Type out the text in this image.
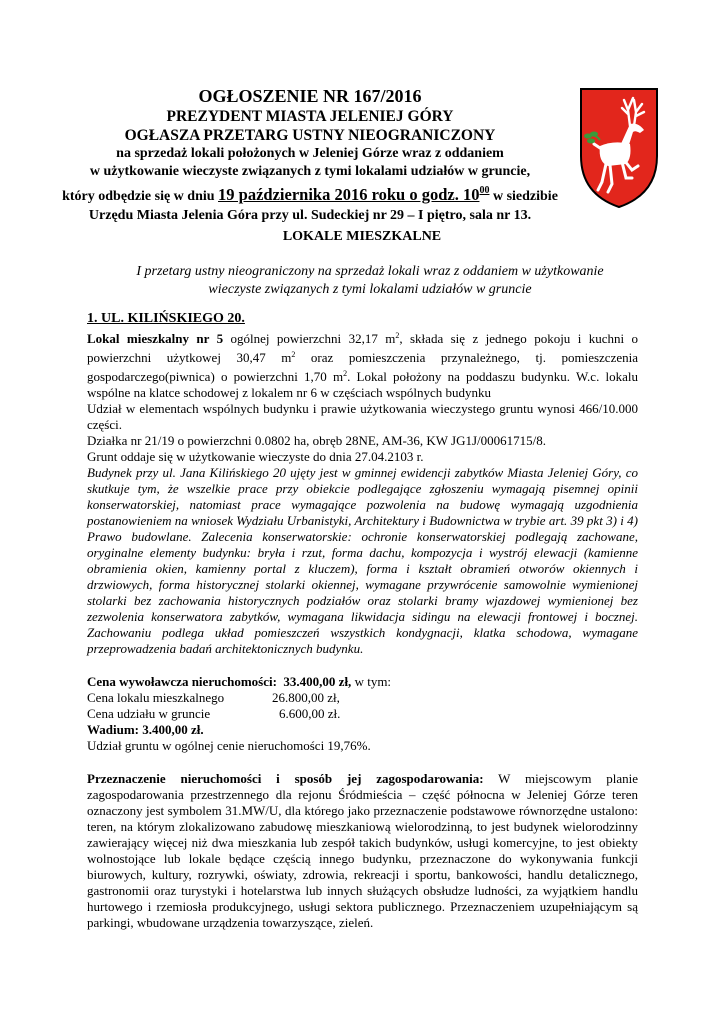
OGŁOSZENIE NR 167/2016
PREZYDENT MIASTA JELENIEJ GÓRY
OGŁASZA PRZETARG USTNY NIEOGRANICZONY
na sprzedaż lokali położonych w Jeleniej Górze wraz z oddaniem
w użytkowanie wieczyste związanych z tymi lokalami udziałów w gruncie,
który odbędzie się w dniu 19 października 2016 roku o godz. $10^{00}$ w siedzibie
Urzędu Miasta Jelenia Góra przy ul. Sudeckiej nr 29 – I piętro, sala nr 13.
LOKALE MIESZKALNE
I przetarg ustny nieograniczony na sprzedaż lokali wraz z oddaniem w użytkowanie
wieczyste związanych z tymi lokalami udziałów w gruncie

1. UL. KILIŃSKIEGO 20.

Lokal mieszkalny nr 5 ogólnej powierzchni 32,17 $m^2$, składa się z jednego pokoju i kuchni o powierzchni użytkowej 30,47 $m^2$ oraz pomieszczenia przynależnego, tj. pomieszczenia gospodarczego(piwnica) o powierzchni 1,70 $m^2$. Lokal położony na poddaszu budynku. W.c. lokalu wspólne na klatce schodowej z lokalem nr 6 w częściach wspólnych budynku

Udział w elementach wspólnych budynku i prawie użytkowania wieczystego gruntu wynosi 466/10.000 części.

Działka nr 21/19 o powierzchni 0.0802 ha, obręb 28NE, AM-36, KW JG1J/00061715/8.

Grunt oddaje się w użytkowanie wieczyste do dnia 27.04.2103 r.

Budynek przy ul. Jana Kilińskiego 20 ujęty jest w gminnej ewidencji zabytków Miasta Jeleniej Góry, co skutkuje tym, że wszelkie prace przy obiekcie podlegające zgłoszeniu wymagają pisemnej opinii konserwatorskiej, natomiast prace wymagające pozwolenia na budowę wymagają uzgodnienia postanowieniem na wniosek Wydziału Urbanistyki, Architektury i Budownictwa w trybie art. 39 pkt 3) i 4) Prawo budowlane. Zalecenia konserwatorskie: ochronie konserwatorskiej podlegają zachowane, oryginalne elementy budynku: bryła i rzut, forma dachu, kompozycja i wystrój elewacji (kamienne obramienia okien, kamienny portal z kluczem), forma i kształt obramień otworów okiennych i drzwiowych, forma historycznej stolarki okiennej, wymagane przywrócenie samowolnie wymienionej stolarki bez zachowania historycznych podziałów oraz stolarki bramy wjazdowej wymienionej bez zezwolenia konserwatora zabytków, wymagana likwidacja sidingu na elewacji frontowej i bocznej. Zachowaniu podlega układ pomieszczeń wszystkich kondygnacji, klatka schodowa, wymagane przeprowadzenia badań architektonicznych budynku.

Cena wywoławcza nieruchomości: 33.400,00 zł, w tym:

Cena lokalu mieszkalnego	26.800,00 zł,
Cena udziału w gruncie	6.600,00 zł.

Wadium: 3.400,00 zł.

Udział gruntu w ogólnej cenie nieruchomości 19,76%.

Przeznaczenie nieruchomości i sposób jej zagospodarowania: W miejscowym planie zagospodarowania przestrzennego dla rejonu Śródmieścia – część północna w Jeleniej Górze teren oznaczony jest symbolem 31.MW/U, dla którego jako przeznaczenie podstawowe równorzędne ustalono: teren, na którym zlokalizowano zabudowę mieszkaniową wielorodzinną, to jest budynek wielorodzinny zawierający więcej niż dwa mieszkania lub zespół takich budynków, usługi komercyjne, to jest obiekty wolnostojące lub lokale będące częścią innego budynku, przeznaczone do wykonywania funkcji biurowych, kultury, rozrywki, oświaty, zdrowia, rekreacji i sportu, bankowości, handlu detalicznego, gastronomii oraz turystyki i hotelarstwa lub innych służących obsłudze ludności, za wyjątkiem handlu hurtowego i rzemiosła produkcyjnego, usługi sektora publicznego. Przeznaczeniem uzupełniającym są parkingi, wbudowane urządzenia towarzyszące, zieleń.
